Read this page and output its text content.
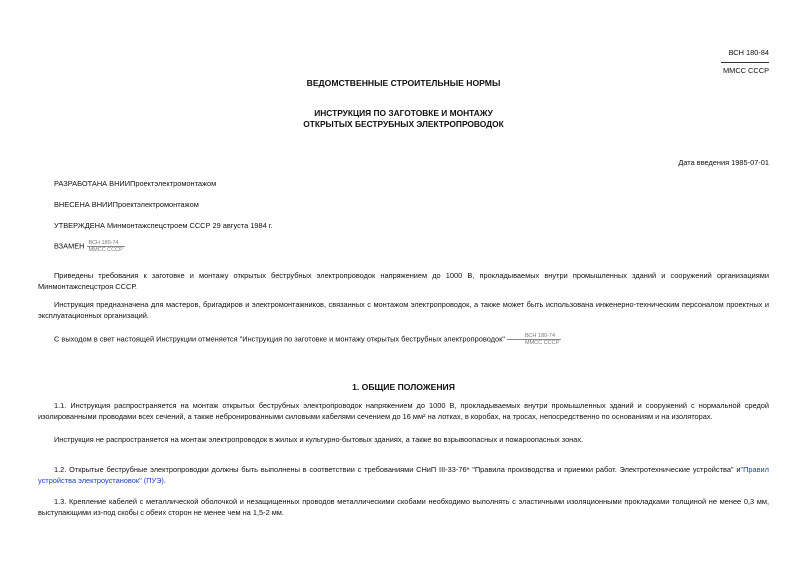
ВСН 180-84
ММСС СССР
ВЕДОМСТВЕННЫЕ СТРОИТЕЛЬНЫЕ НОРМЫ
ИНСТРУКЦИЯ ПО ЗАГОТОВКЕ И МОНТАЖУ
ОТКРЫТЫХ БЕСТРУБНЫХ ЭЛЕКТРОПРОВОДОК
Дата введения 1985-07-01
РАЗРАБОТАНА ВНИИПроектэлектромонтажом
ВНЕСЕНА ВНИИПроектэлектромонтажом
УТВЕРЖДЕНА Минмонтажспецстроем СССР 29 августа 1984 г.
ВЗАМЕН $\frac{\text{ВСН 180-74}}{\text{ММСС СССР}}$
Приведены требования к заготовке и монтажу открытых беструбных электропроводок напряжением до 1000 В, прокладываемых внутри промышленных зданий и сооружений организациями Минмонтажспецстроя СССР.
Инструкция предназначена для мастеров, бригадиров и электромонтажников, связанных с монтажом электропроводок, а также может быть использована инженерно-техническим персоналом проектных и эксплуатационных организаций.
С выходом в свет настоящей Инструкции отменяется "Инструкция по заготовке и монтажу открытых беструбных электропроводок" $\frac{\text{ВСН 180-74}}{\text{ММСС СССР}}$
1. ОБЩИЕ ПОЛОЖЕНИЯ
1.1. Инструкция распространяется на монтаж открытых беструбных электропроводок напряжением до 1000 В, прокладываемых внутри промышленных зданий и сооружений с нормальной средой изолированными проводами всех сечений, а также небронированными силовыми кабелями сечением до 16 мм² на лотках, в коробах, на тросах, непосредственно по основаниям и на изоляторах.
Инструкция не распространяется на монтаж электропроводок в жилых и культурно-бытовых зданиях, а также во взрывоопасных и пожароопасных зонах.
1.2. Открытые беструбные электропроводки должны быть выполнены в соответствии с требованиями СНиП III-33-76* "Правила производства и приемки работ. Электротехнические устройства" и"Правил устройства электроустановок" (ПУЭ).
1.3. Крепление кабелей с металлической оболочкой и незащищенных проводов металлическими скобами необходимо выполнять с эластичными изоляционными прокладками толщиной не менее 0,3 мм, выступающими из-под скобы с обеих сторон не менее чем на 1,5-2 мм.
